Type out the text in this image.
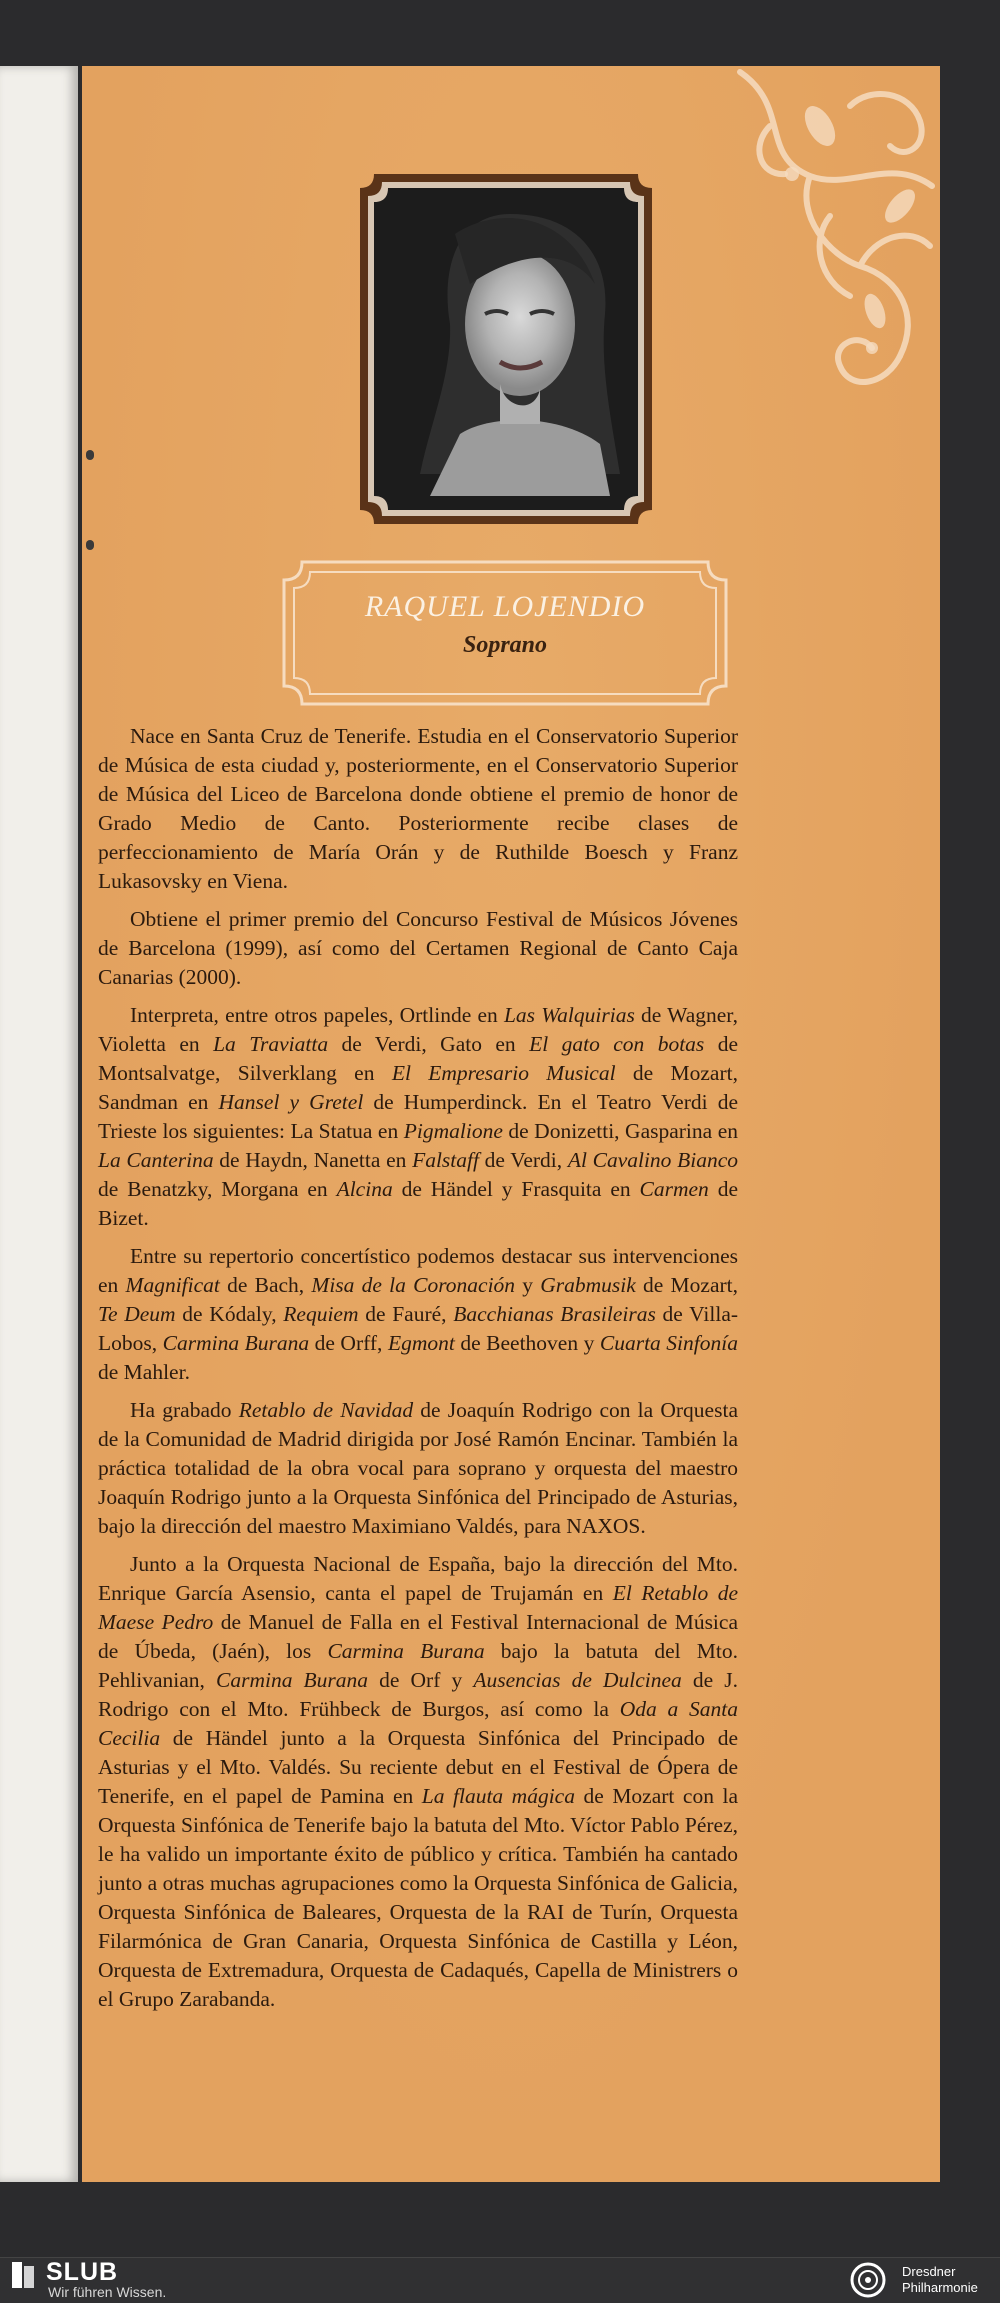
RAQUEL LOJENDIO
Soprano

Nace en Santa Cruz de Tenerife. Estudia en el Conservatorio Superior de Música de esta ciudad y, posteriormente, en el Conservatorio Superior de Música del Liceo de Barcelona donde obtiene el premio de honor de Grado Medio de Canto. Posteriormente recibe clases de perfeccionamiento de María Orán y de Ruthilde Boesch y Franz Lukasovsky en Viena.

Obtiene el primer premio del Concurso Festival de Músicos Jóvenes de Barcelona (1999), así como del Certamen Regional de Canto Caja Canarias (2000).

Interpreta, entre otros papeles, Ortlinde en Las Walquirias de Wagner, Violetta en La Traviatta de Verdi, Gato en El gato con botas de Montsalvatge, Silverklang en El Empresario Musical de Mozart, Sandman en Hansel y Gretel de Humperdinck. En el Teatro Verdi de Trieste los siguientes: La Statua en Pigmalione de Donizetti, Gasparina en La Canterina de Haydn, Nanetta en Falstaff de Verdi, Al Cavalino Bianco de Benatzky, Morgana en Alcina de Händel y Frasquita en Carmen de Bizet.

Entre su repertorio concertístico podemos destacar sus intervenciones en Magnificat de Bach, Misa de la Coronación y Grabmusik de Mozart, Te Deum de Kódaly, Requiem de Fauré, Bacchianas Brasileiras de Villa-Lobos, Carmina Burana de Orff, Egmont de Beethoven y Cuarta Sinfonía de Mahler.

Ha grabado Retablo de Navidad de Joaquín Rodrigo con la Orquesta de la Comunidad de Madrid dirigida por José Ramón Encinar. También la práctica totalidad de la obra vocal para soprano y orquesta del maestro Joaquín Rodrigo junto a la Orquesta Sinfónica del Principado de Asturias, bajo la dirección del maestro Maximiano Valdés, para NAXOS.

Junto a la Orquesta Nacional de España, bajo la dirección del Mto. Enrique García Asensio, canta el papel de Trujamán en El Retablo de Maese Pedro de Manuel de Falla en el Festival Internacional de Música de Úbeda, (Jaén), los Carmina Burana bajo la batuta del Mto. Pehlivanian, Carmina Burana de Orf y Ausencias de Dulcinea de J. Rodrigo con el Mto. Frühbeck de Burgos, así como la Oda a Santa Cecilia de Händel junto a la Orquesta Sinfónica del Principado de Asturias y el Mto. Valdés. Su reciente debut en el Festival de Ópera de Tenerife, en el papel de Pamina en La flauta mágica de Mozart con la Orquesta Sinfónica de Tenerife bajo la batuta del Mto. Víctor Pablo Pérez, le ha valido un importante éxito de público y crítica. También ha cantado junto a otras muchas agrupaciones como la Orquesta Sinfónica de Galicia, Orquesta Sinfónica de Baleares, Orquesta de la RAI de Turín, Orquesta Filarmónica de Gran Canaria, Orquesta Sinfónica de Castilla y Léon, Orquesta de Extremadura, Orquesta de Cadaqués, Capella de Ministrers o el Grupo Zarabanda.

SLUB
Wir führen Wissen.
Dresdner
Philharmonie
